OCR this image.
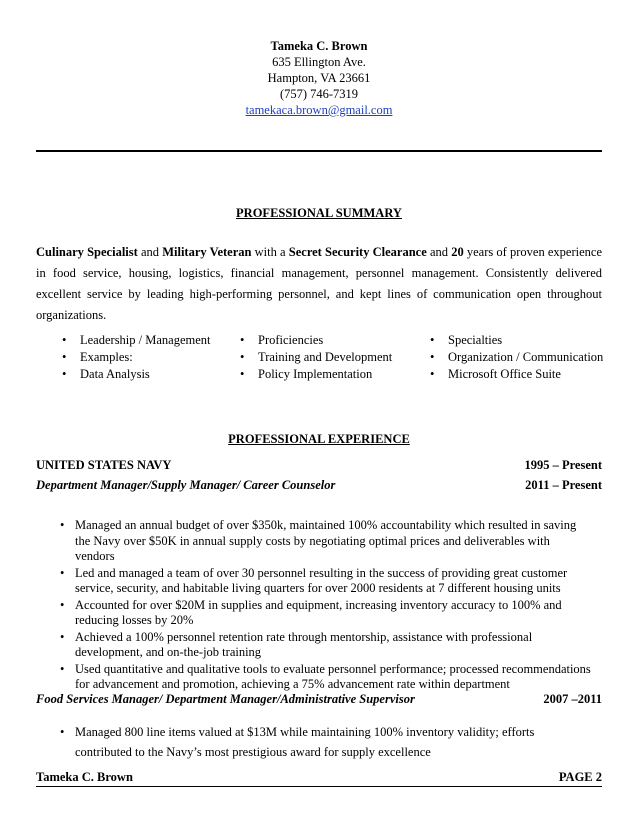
Tameka C. Brown
635 Ellington Ave.
Hampton, VA 23661
(757) 746-7319
tamekaca.brown@gmail.com
PROFESSIONAL SUMMARY
Culinary Specialist and Military Veteran with a Secret Security Clearance and 20 years of proven experience in food service, housing, logistics, financial management, personnel management. Consistently delivered excellent service by leading high-performing personnel, and kept lines of communication open throughout organizations.
• Leadership / Management
• Examples:
• Data Analysis
• Proficiencies
• Training and Development
• Policy Implementation
• Specialties
• Organization / Communication
• Microsoft Office Suite
PROFESSIONAL EXPERIENCE
UNITED STATES NAVY	1995 – Present
Department Manager/Supply Manager/ Career Counselor	2011 – Present
• Managed an annual budget of over $350k, maintained 100% accountability which resulted in saving the Navy over $50K in annual supply costs by negotiating optimal prices and deliverables with vendors
• Led and managed a team of over 30 personnel resulting in the success of providing great customer service, security, and habitable living quarters for over 2000 residents at 7 different housing units
• Accounted for over $20M in supplies and equipment, increasing inventory accuracy to 100% and reducing losses by 20%
• Achieved a 100% personnel retention rate through mentorship, assistance with professional development, and on-the-job training
• Used quantitative and qualitative tools to evaluate personnel performance; processed recommendations for advancement and promotion, achieving a 75% advancement rate within department
Food Services Manager/ Department Manager/Administrative Supervisor	2007 –2011
• Managed 800 line items valued at $13M while maintaining 100% inventory validity; efforts contributed to the Navy’s most prestigious award for supply excellence
Tameka C. Brown	PAGE 2
